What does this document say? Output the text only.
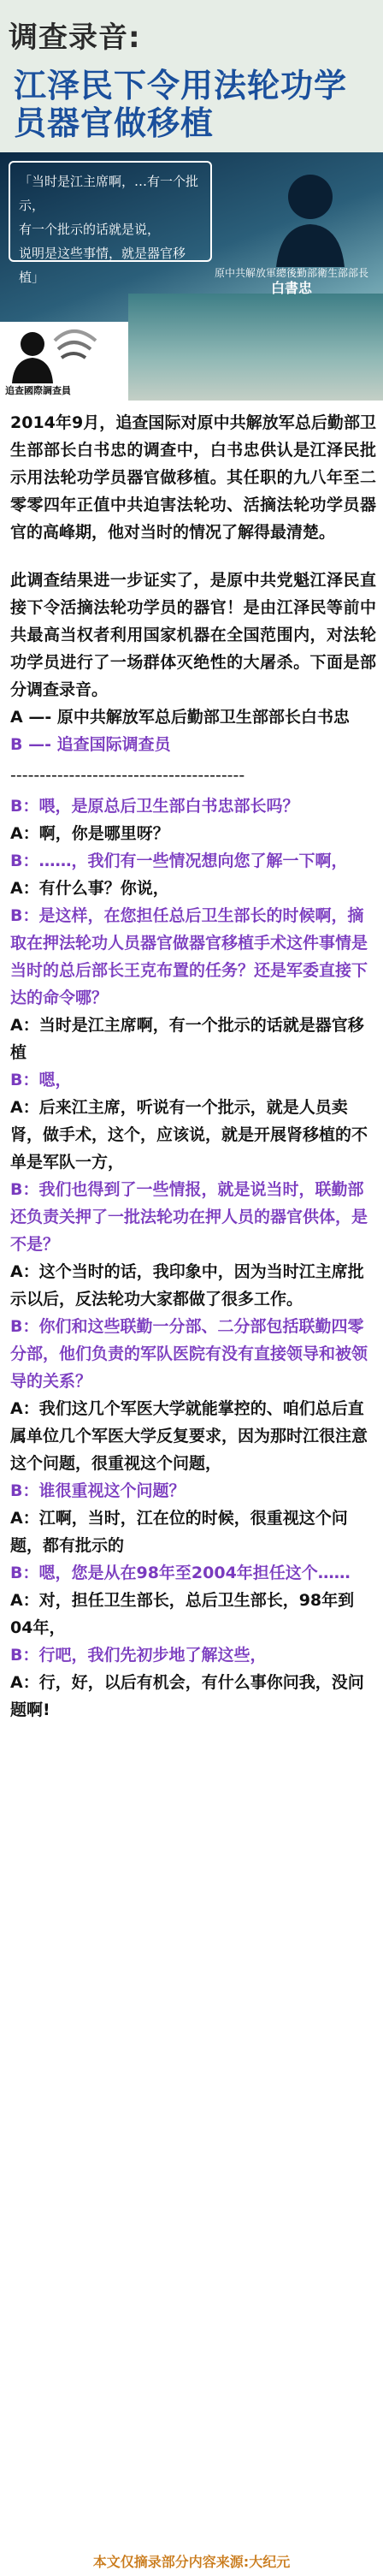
调查录音:
江泽民下令用法轮功学员器官做移植
「当时是江主席啊，…有一个批示，
有一个批示的话就是说，
说明是这些事情，就是器官移植」	原中共解放軍總後勤部衛生部部長
白書忠
追查國際調查員

2014年9月，追查国际对原中共解放军总后勤部卫生部部长白书忠的调查中，白书忠供认是江泽民批示用法轮功学员器官做移植。其任职的九八年至二零零四年正值中共迫害法轮功、活摘法轮功学员器官的高峰期，他对当时的情况了解得最清楚。

此调查结果进一步证实了，是原中共党魁江泽民直接下令活摘法轮功学员的器官！是由江泽民等前中共最高当权者利用国家机器在全国范围内，对法轮功学员进行了一场群体灭绝性的大屠杀。下面是部分调查录音。

A —- 原中共解放军总后勤部卫生部部长白书忠

B —- 追查国际调查员

----------------------------------------

B：喂，是原总后卫生部白书忠部长吗？

A：啊，你是哪里呀？

B：……，我们有一些情况想向您了解一下啊，

A：有什么事？你说，

B：是这样，在您担任总后卫生部长的时候啊，摘取在押法轮功人员器官做器官移植手术这件事情是当时的总后部长王克布置的任务？还是军委直接下达的命令哪？

A：当时是江主席啊，有一个批示的话就是器官移植

B：嗯，

A：后来江主席，听说有一个批示，就是人员卖肾，做手术，这个，应该说，就是开展肾移植的不单是军队一方，

B：我们也得到了一些情报，就是说当时，联勤部还负责关押了一批法轮功在押人员的器官供体，是不是？

A：这个当时的话，我印象中，因为当时江主席批示以后，反法轮功大家都做了很多工作。

B：你们和这些联勤一分部、二分部包括联勤四零分部，他们负责的军队医院有没有直接领导和被领导的关系？

A：我们这几个军医大学就能掌控的、咱们总后直属单位几个军医大学反复要求，因为那时江很注意这个问题，很重视这个问题，

B：谁很重视这个问题？

A：江啊，当时，江在位的时候，很重视这个问题，都有批示的

B：嗯，您是从在98年至2004年担任这个……

A：对，担任卫生部长，总后卫生部长，98年到04年，

B：行吧，我们先初步地了解这些，

A：行，好，以后有机会，有什么事你问我，没问题啊!

本文仅摘录部分内容来源:大纪元
